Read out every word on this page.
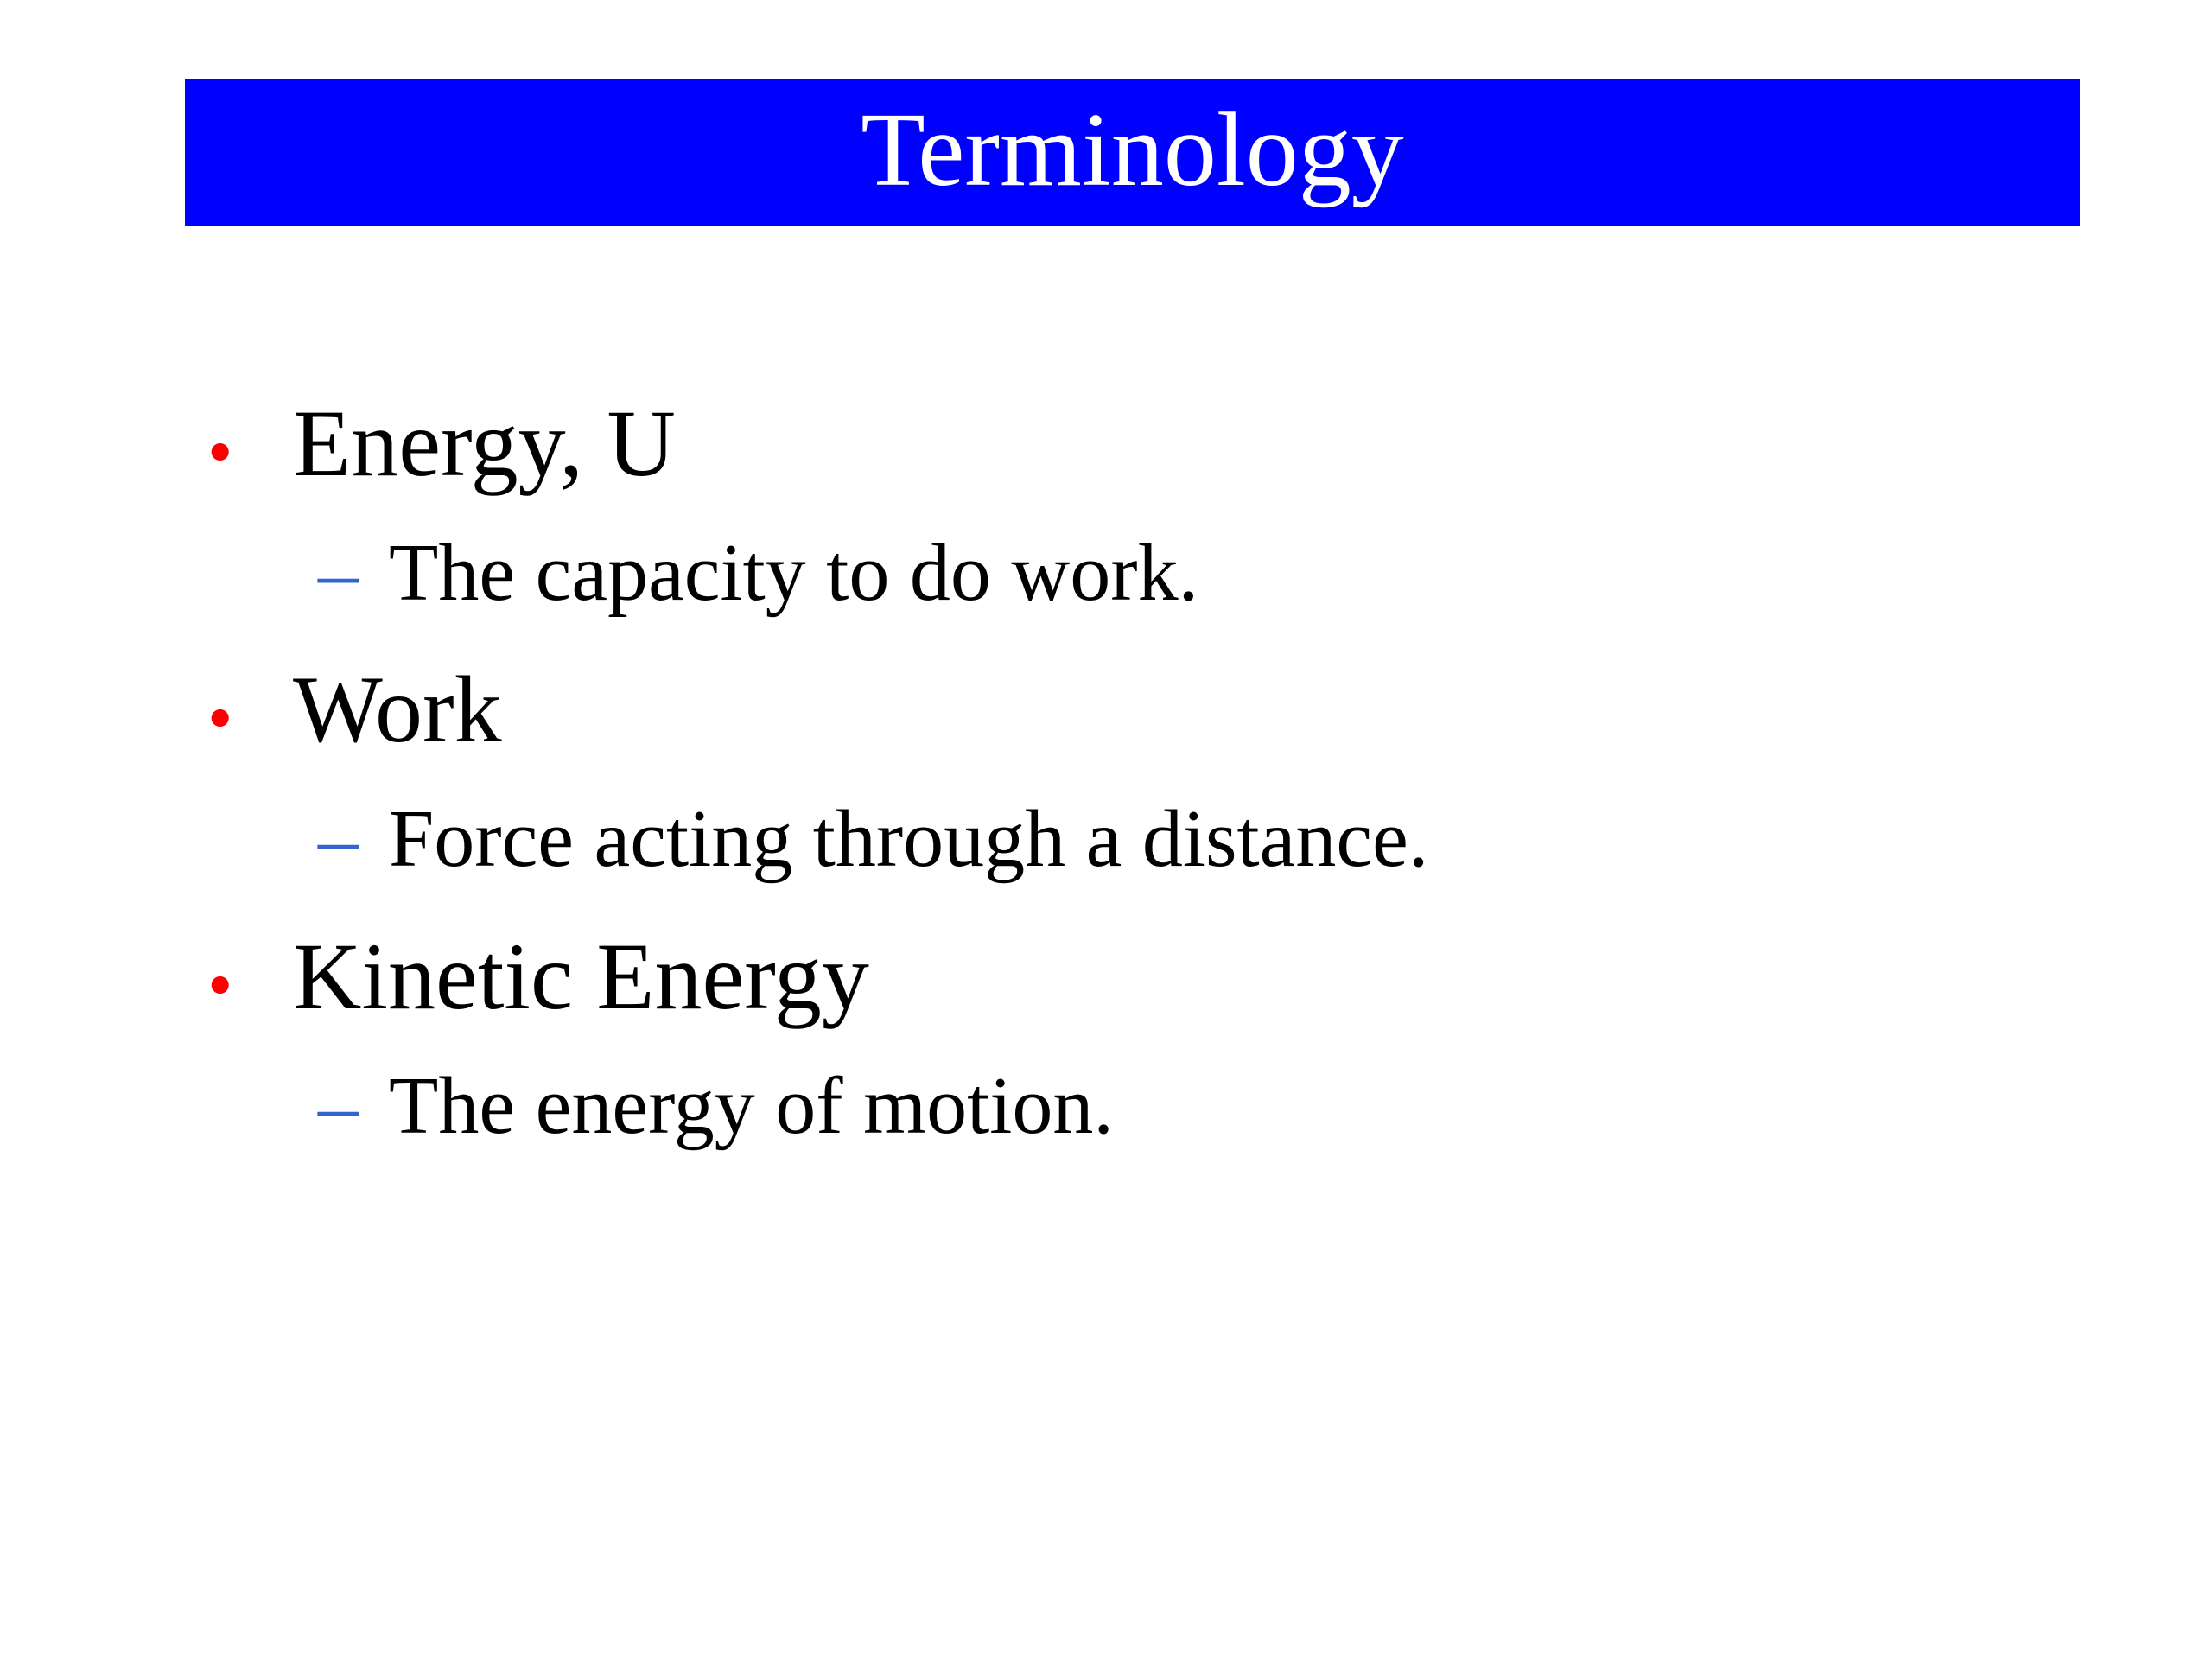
Terminology
• Energy, U
– The capacity to do work.
• Work
– Force acting through a distance.
• Kinetic Energy
– The energy of motion.
